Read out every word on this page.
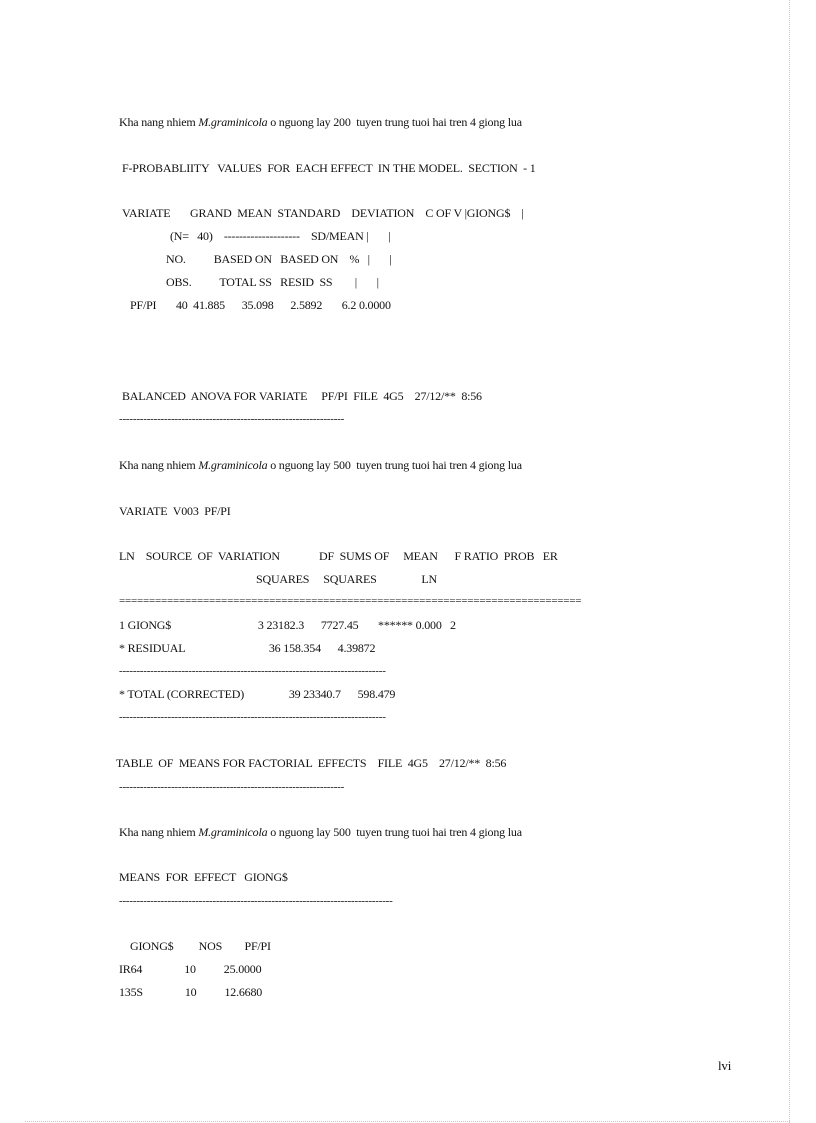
Kha nang nhiem M.graminicola o nguong lay 200  tuyen trung tuoi hai tren 4 giong lua
F-PROBABLIITY   VALUES  FOR  EACH EFFECT  IN THE MODEL.  SECTION  - 1
VARIATE       GRAND  MEAN  STANDARD    DEVIATION    C OF V |GIONG$    |
(N=   40)    --------------------    SD/MEAN |       |
NO.          BASED ON   BASED ON    %   |       |
OBS.          TOTAL SS   RESID  SS        |       |
PF/PI       40  41.885      35.098      2.5892       6.2 0.0000
BALANCED  ANOVA FOR VARIATE     PF/PI  FILE  4G5    27/12/**  8:56
-----------------------------------------------------------------
Kha nang nhiem M.graminicola o nguong lay 500  tuyen trung tuoi hai tren 4 giong lua
VARIATE  V003  PF/PI
LN    SOURCE  OF  VARIATION              DF  SUMS OF     MEAN      F RATIO  PROB   ER
SQUARES     SQUARES                LN
=============================================================================
1 GIONG$                               3 23182.3      7727.45       ****** 0.000   2
* RESIDUAL                              36 158.354      4.39872
-----------------------------------------------------------------------------
* TOTAL (CORRECTED)                39 23340.7      598.479
-----------------------------------------------------------------------------
TABLE  OF  MEANS FOR FACTORIAL  EFFECTS    FILE  4G5    27/12/**  8:56
-----------------------------------------------------------------
Kha nang nhiem M.graminicola o nguong lay 500  tuyen trung tuoi hai tren 4 giong lua
MEANS  FOR  EFFECT   GIONG$
-------------------------------------------------------------------------------
GIONG$         NOS        PF/PI
IR64               10          25.0000
135S               10          12.6680
lvi
